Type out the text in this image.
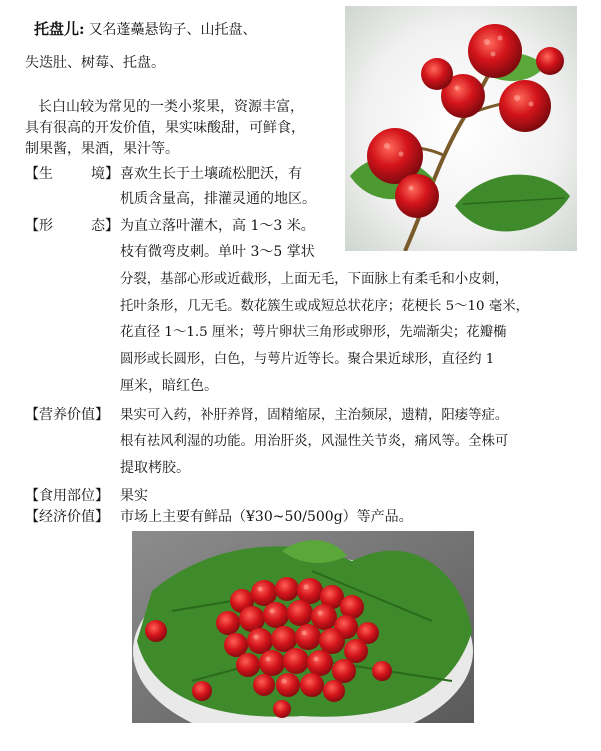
托盘儿: 又名蓬蘽悬钩子、山托盘、
失迭肚、树莓、托盘。
长白山较为常见的一类小浆果，资源丰富，
具有很高的开发价值，果实味酸甜，可鲜食，
制果酱，果酒，果汁等。
【生	境】 喜欢生长于土壤疏松肥沃，有
机质含量高，排灌灵通的地区。
【形	态】 为直立落叶灌木，高 1～3 米。
枝有微弯皮刺。单叶 3～5 掌状
分裂，基部心形或近截形，上面无毛，下面脉上有柔毛和小皮刺，
托叶条形，几无毛。数花簇生或成短总状花序；花梗长 5～10 毫米，
花直径 1～1.5 厘米；萼片卵状三角形或卵形，先端渐尖；花瓣椭
圆形或长圆形，白色，与萼片近等长。聚合果近球形，直径约 1
厘米，暗红色。
【营养价值】 果实可入药，补肝养肾，固精缩尿，主治频尿，遗精，阳痿等症。
根有祛风利湿的功能。用治肝炎，风湿性关节炎，痛风等。全株可
提取栲胶。
【食用部位】 果实
【经济价值】 市场上主要有鲜品（¥30~50/500g）等产品。
